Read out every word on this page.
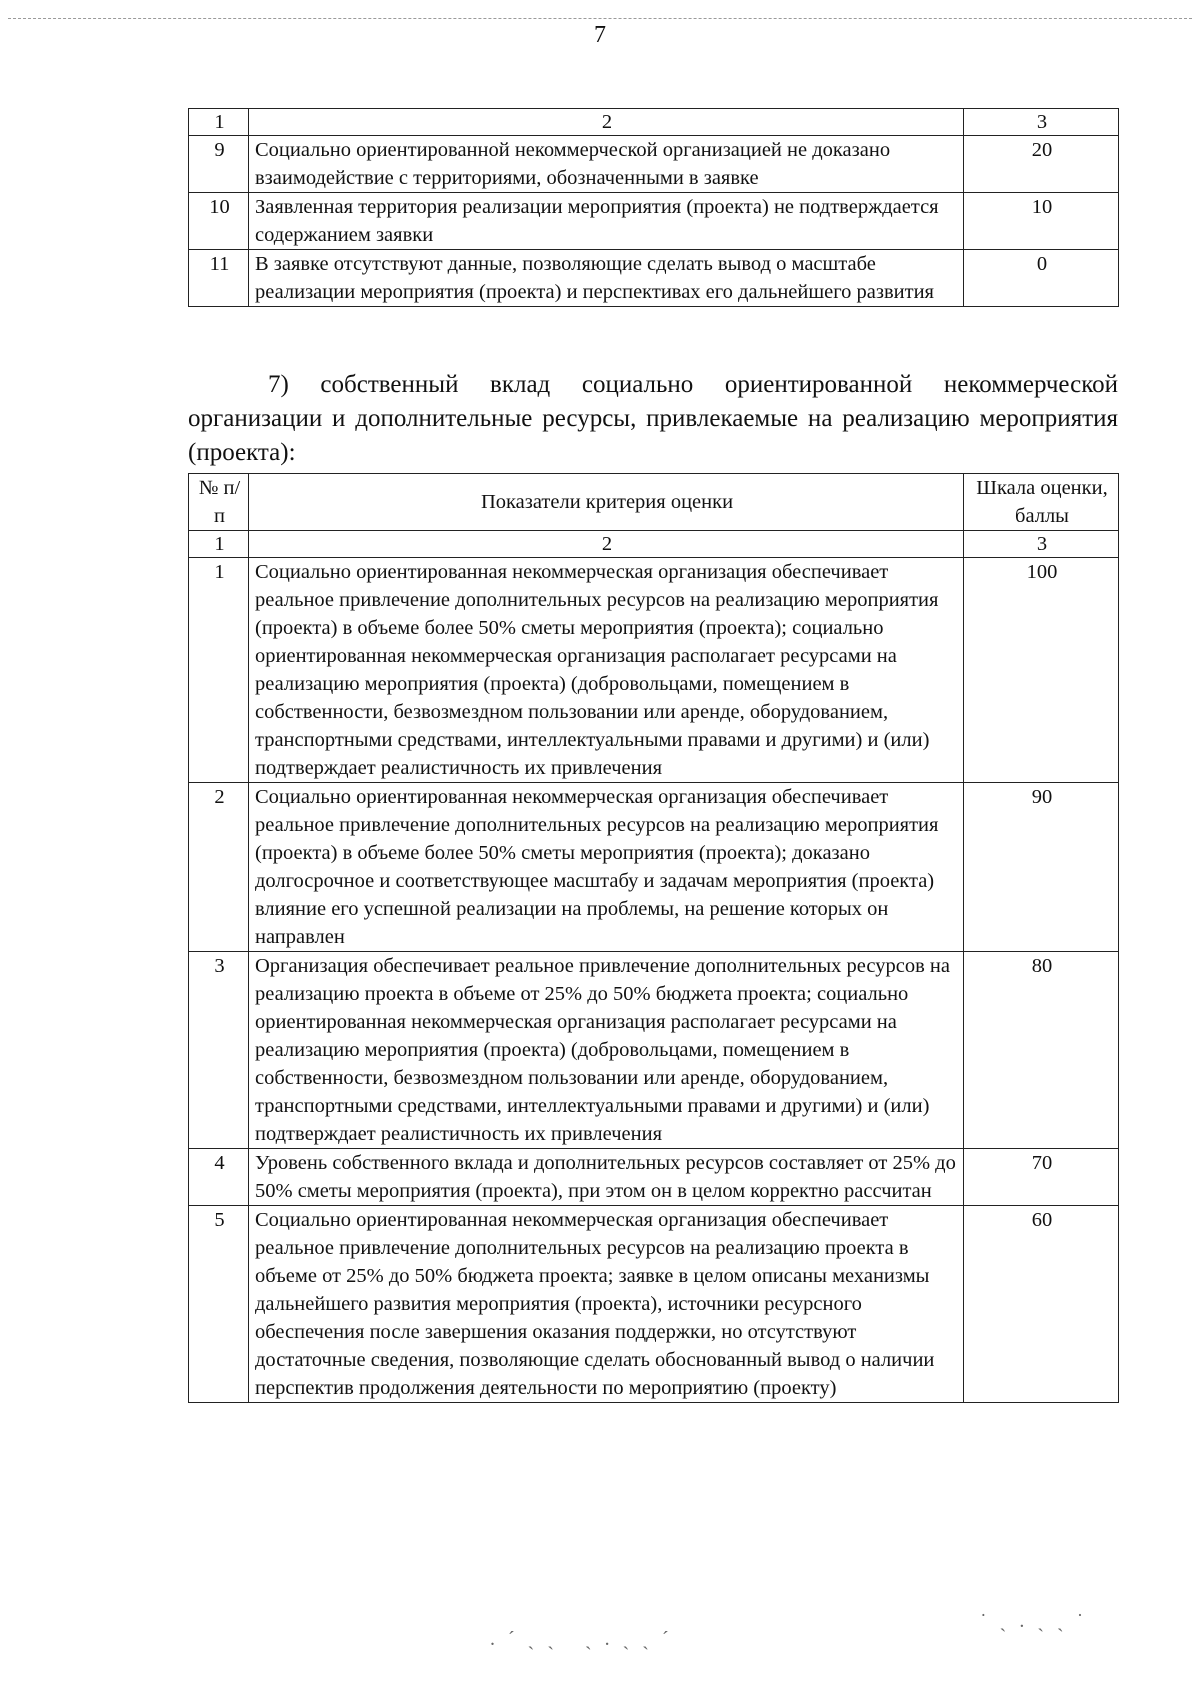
7
1	2	3
9	Социально ориентированной некоммерческой организацией не доказано взаимодействие с территориями, обозначенными в заявке	20
10	Заявленная территория реализации мероприятия (проекта) не подтверждается содержанием заявки	10
11	В заявке отсутствуют данные, позволяющие сделать вывод о масштабе реализации мероприятия (проекта) и перспективах его дальнейшего развития	0
7) собственный вклад социально ориентированной некоммерческой организации и дополнительные ресурсы, привлекаемые на реализацию мероприятия (проекта):
№ п/п	Показатели критерия оценки	Шкала оценки, баллы
1	2	3
1	Социально ориентированная некоммерческая организация обеспечивает реальное привлечение дополнительных ресурсов на реализацию мероприятия (проекта) в объеме более 50% сметы мероприятия (проекта); социально ориентированная некоммерческая организация располагает ресурсами на реализацию мероприятия (проекта) (добровольцами, помещением в собственности, безвозмездном пользовании или аренде, оборудованием, транспортными средствами, интеллектуальными правами и другими) и (или) подтверждает реалистичность их привлечения	100
2	Социально ориентированная некоммерческая организация обеспечивает реальное привлечение дополнительных ресурсов на реализацию мероприятия (проекта) в объеме более 50% сметы мероприятия (проекта); доказано долгосрочное и соответствующее масштабу и задачам мероприятия (проекта) влияние его успешной реализации на проблемы, на решение которых он направлен	90
3	Организация обеспечивает реальное привлечение дополнительных ресурсов на реализацию проекта в объеме от 25% до 50% бюджета проекта; социально ориентированная некоммерческая организация располагает ресурсами на реализацию мероприятия (проекта) (добровольцами, помещением в собственности, безвозмездном пользовании или аренде, оборудованием, транспортными средствами, интеллектуальными правами и другими) и (или) подтверждает реалистичность их привлечения	80
4	Уровень собственного вклада и дополнительных ресурсов составляет от 25% до 50% сметы мероприятия (проекта), при этом он в целом корректно рассчитан	70
5	Социально ориентированная некоммерческая организация обеспечивает реальное привлечение дополнительных ресурсов на реализацию проекта в объеме от 25% до 50% бюджета проекта; заявке в целом описаны механизмы дальнейшего развития мероприятия (проекта), источники ресурсного обеспечения после завершения оказания поддержки, но отсутствуют достаточные сведения, позволяющие сделать обоснованный вывод о наличии перспектив продолжения деятельности по мероприятию (проекту)	60
. ˊ ˎ ˏ   ˏ . ˎ ˏ ˊ
˙ ˎ . ˏ ˎ ˙
